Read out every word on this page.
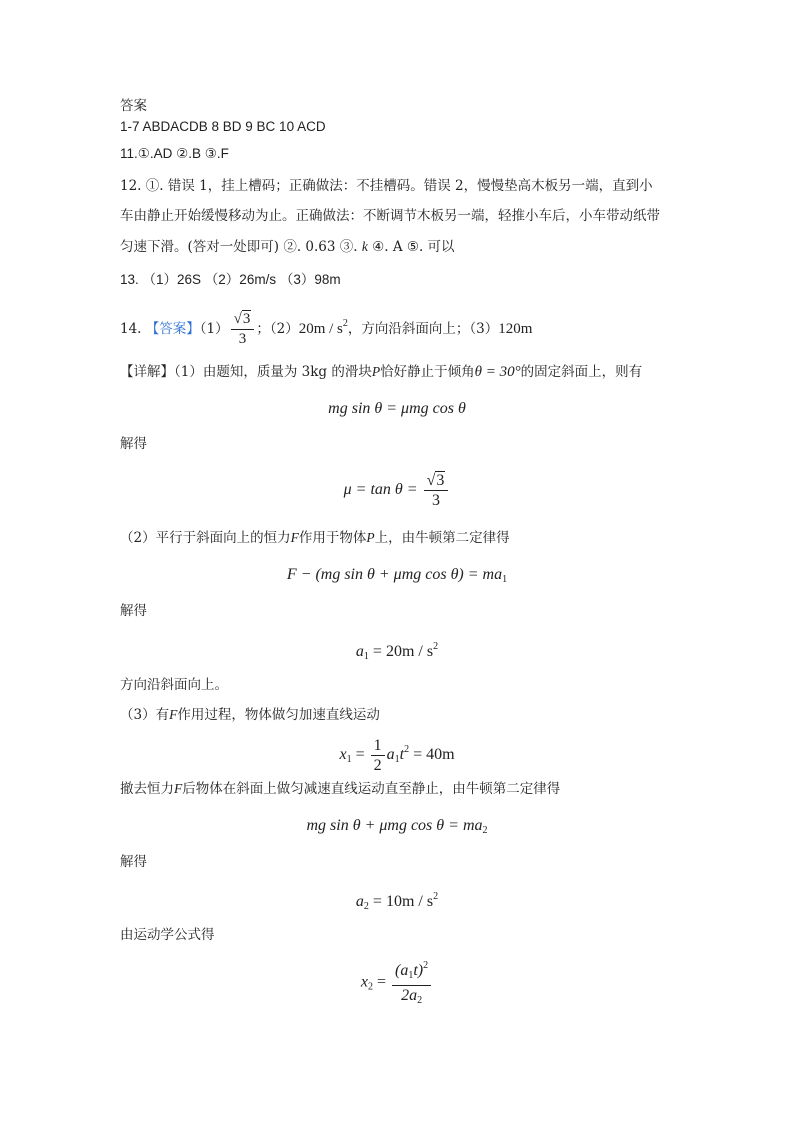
答案
1-7 ABDACDB 8 BD 9 BC 10 ACD
11.①.AD ②.B ③.F
12. ①. 错误 1，挂上槽码；正确做法：不挂槽码。错误 2，慢慢垫高木板另一端，直到小
车由静止开始缓慢移动为止。正确做法：不断调节木板另一端，轻推小车后，小车带动纸带
匀速下滑。(答对一处即可) ②. 0.63 ③. k ④. A ⑤. 可以
13. （1）26S （2）26m/s （3）98m
14. 【答案】$(1) \frac{√3}{3}$ ；$(2)20m / s^2$，方向沿斜面向上；（3）120m
【详解】（1）由题知，质量为 3kg 的滑块P恰好静止于倾角θ = 30°的固定斜面上，则有
mg sin θ = μmg cos θ
解得
$\mu = \tan \theta = \frac{√3}{3}$
（2）平行于斜面向上的恒力F作用于物体P上，由牛顿第二定律得
F − (mg sin θ + μmg $\cos \theta) = ma_1$
解得
$a_1 = 20m / s^2$
方向沿斜面向上。
（3）有F作用过程，物体做匀加速直线运动
$x_1 = \frac{1}{2} a_1t^2 = 40m$
撤去恒力F后物体在斜面上做匀减速直线运动直至静止，由牛顿第二定律得
mg sin θ + μmg $\cos \theta = ma_2$
解得
$a_2 = 10m / s^2$
由运动学公式得
$x_2 = \frac{(a_1t)^2}{2a_2}$
